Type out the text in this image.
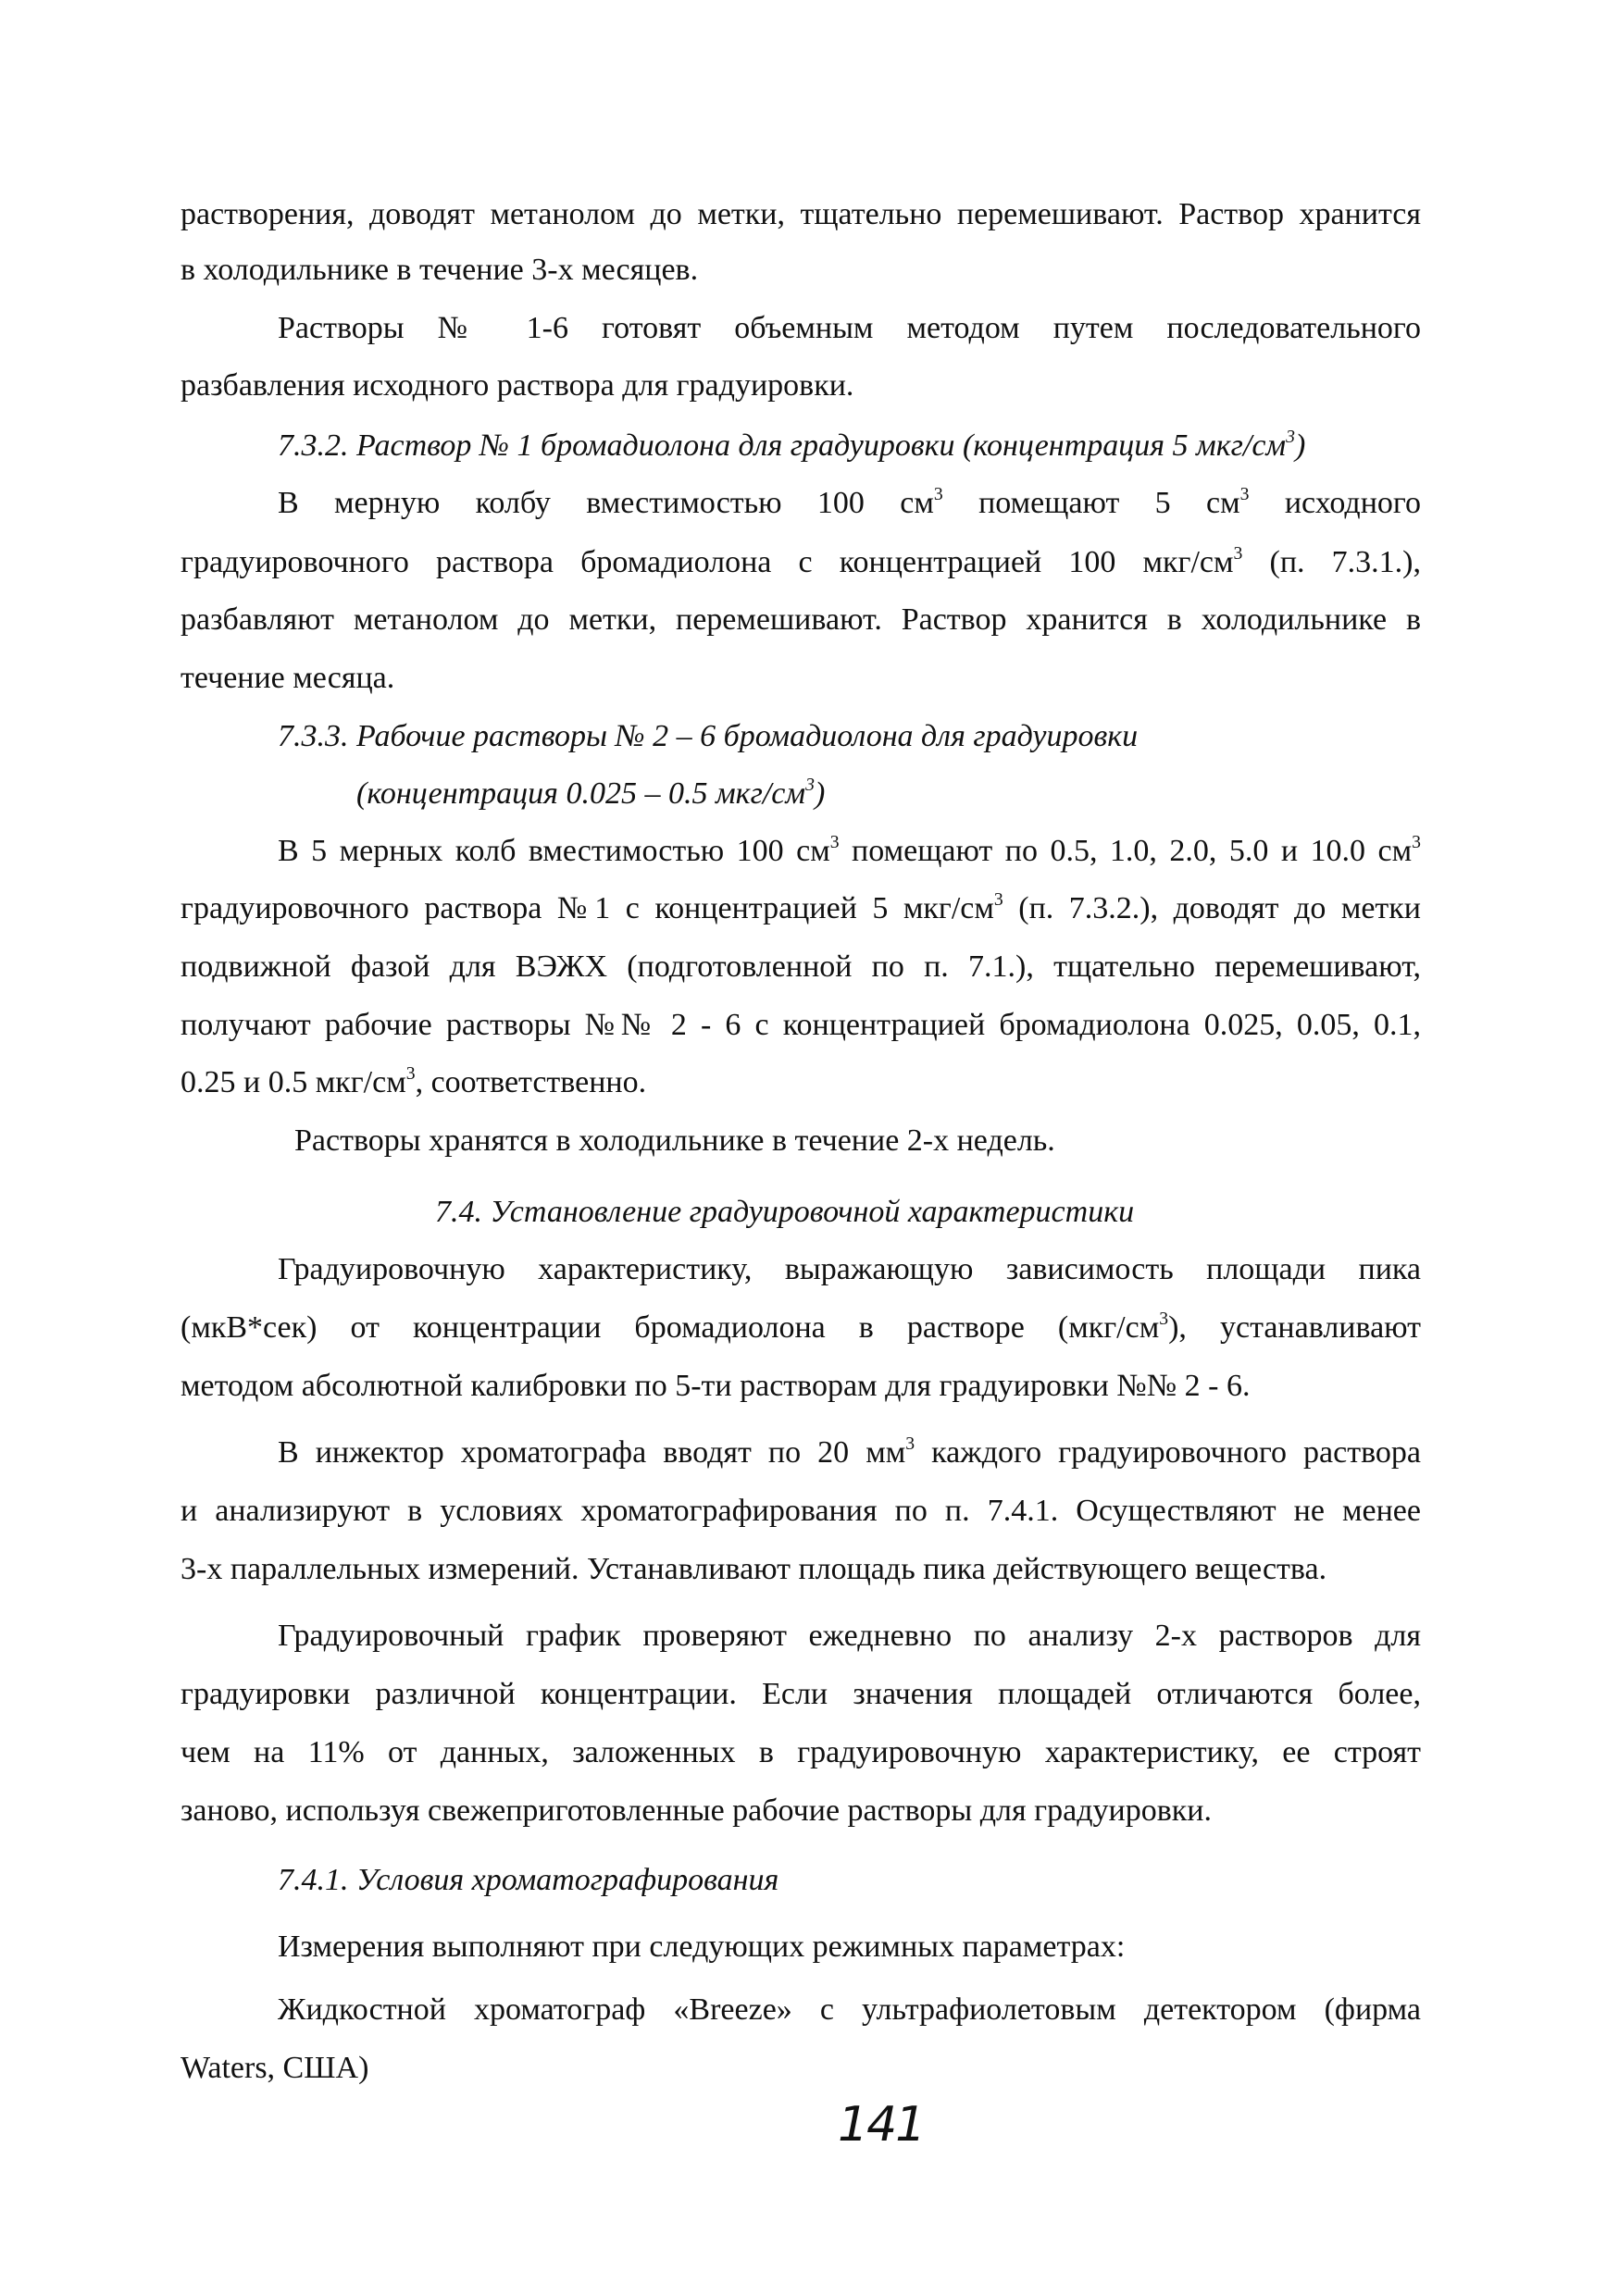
растворения, доводят метанолом до метки, тщательно перемешивают. Раствор хранится
в холодильнике в течение 3-х месяцев.
Растворы № 1-6 готовят объемным методом путем последовательного
разбавления исходного раствора для градуировки.
7.3.2. Раствор № 1 бромадиолона для градуировки (концентрация 5 мкг/$см^3$)
В мерную колбу вместимостью 100 $см^3$ помещают 5 $см^3$ исходного
градуировочного раствора бромадиолона с концентрацией 100 мкг/$см^3$ (п. 7.3.1.),
разбавляют метанолом до метки, перемешивают. Раствор хранится в холодильнике в
течение месяца.
7.3.3. Рабочие растворы № 2 – 6 бромадиолона для градуировки
(концентрация 0.025 – 0.5 мкг/$см^3$)
В 5 мерных колб вместимостью 100 $см^3$ помещают по 0.5, 1.0, 2.0, 5.0 и 10.0 $см^3$
градуировочного раствора №1 с концентрацией 5 мкг/$см^3$ (п. 7.3.2.), доводят до метки
подвижной фазой для ВЭЖХ (подготовленной по п. 7.1.), тщательно перемешивают,
получают рабочие растворы №№ 2 - 6 с концентрацией бромадиолона 0.025, 0.05, 0.1,
0.25 и 0.5 мкг/$см^3$, соответственно.
Растворы хранятся в холодильнике в течение 2-х недель.
7.4. Установление градуировочной характеристики
Градуировочную характеристику, выражающую зависимость площади пика
(мкВ*сек) от концентрации бромадиолона в растворе $(мкг/см^3)$, устанавливают
методом абсолютной калибровки по 5-ти растворам для градуировки №№ 2 - 6.
В инжектор хроматографа вводят по 20 $мм^3$ каждого градуировочного раствора
и анализируют в условиях хроматографирования по п. 7.4.1. Осуществляют не менее
3-х параллельных измерений. Устанавливают площадь пика действующего вещества.
Градуировочный график проверяют ежедневно по анализу 2-х растворов для
градуировки различной концентрации. Если значения площадей отличаются более,
чем на 11% от данных, заложенных в градуировочную характеристику, ее строят
заново, используя свежеприготовленные рабочие растворы для градуировки.
7.4.1. Условия хроматографирования
Измерения выполняют при следующих режимных параметрах:
Жидкостной хроматограф «Breeze» с ультрафиолетовым детектором (фирма
Waters, США)
141
